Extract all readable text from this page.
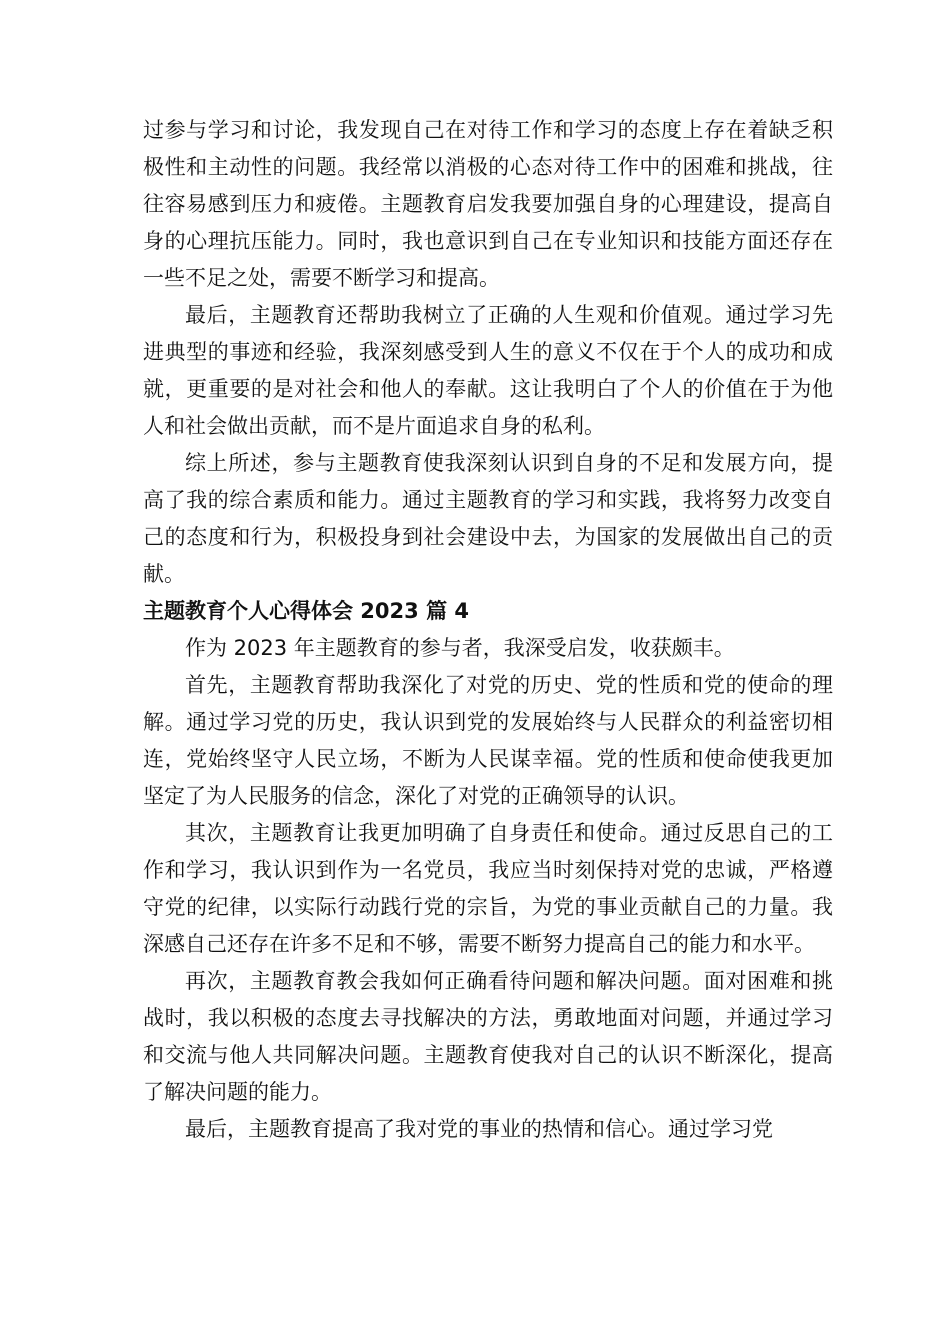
过参与学习和讨论，我发现自己在对待工作和学习的态度上存在着缺乏积极性和主动性的问题。我经常以消极的心态对待工作中的困难和挑战，往往容易感到压力和疲倦。主题教育启发我要加强自身的心理建设，提高自身的心理抗压能力。同时，我也意识到自己在专业知识和技能方面还存在一些不足之处，需要不断学习和提高。

最后，主题教育还帮助我树立了正确的人生观和价值观。通过学习先进典型的事迹和经验，我深刻感受到人生的意义不仅在于个人的成功和成就，更重要的是对社会和他人的奉献。这让我明白了个人的价值在于为他人和社会做出贡献，而不是片面追求自身的私利。

综上所述，参与主题教育使我深刻认识到自身的不足和发展方向，提高了我的综合素质和能力。通过主题教育的学习和实践，我将努力改变自己的态度和行为，积极投身到社会建设中去，为国家的发展做出自己的贡献。

主题教育个人心得体会 2023 篇 4

作为 2023 年主题教育的参与者，我深受启发，收获颇丰。

首先，主题教育帮助我深化了对党的历史、党的性质和党的使命的理解。通过学习党的历史，我认识到党的发展始终与人民群众的利益密切相连，党始终坚守人民立场，不断为人民谋幸福。党的性质和使命使我更加坚定了为人民服务的信念，深化了对党的正确领导的认识。

其次，主题教育让我更加明确了自身责任和使命。通过反思自己的工作和学习，我认识到作为一名党员，我应当时刻保持对党的忠诚，严格遵守党的纪律，以实际行动践行党的宗旨，为党的事业贡献自己的力量。我深感自己还存在许多不足和不够，需要不断努力提高自己的能力和水平。

再次，主题教育教会我如何正确看待问题和解决问题。面对困难和挑战时，我以积极的态度去寻找解决的方法，勇敢地面对问题，并通过学习和交流与他人共同解决问题。主题教育使我对自己的认识不断深化，提高了解决问题的能力。

最后，主题教育提高了我对党的事业的热情和信心。通过学习党
